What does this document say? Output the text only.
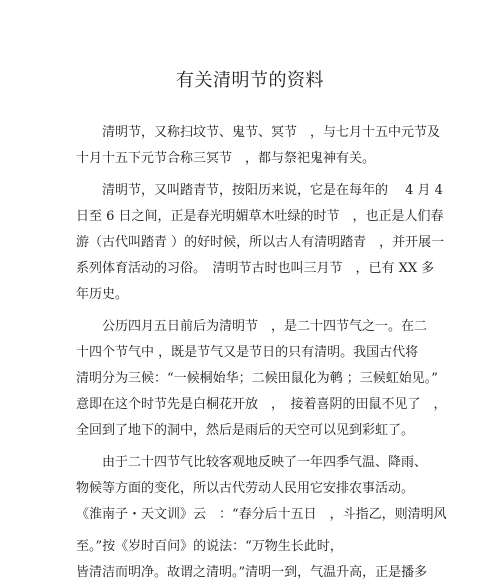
有关清明节的资料
　　清明节，又称扫坟节、鬼节、冥节　，与七月十五中元节及
十月十五下元节合称三冥节　，都与祭祀鬼神有关。
　　清明节，又叫踏青节，按阳历来说，它是在每年的　 4 月 4
日至 6 日之间，正是春光明媚草木吐绿的时节　，也正是人们春
游（古代叫踏青 ）的好时候，所以古人有清明踏青　，并开展一
系列体育活动的习俗。　清明节古时也叫三月节　，已有 XX 多
年历史。
　　公历四月五日前后为清明节　，是二十四节气之一。在二
十四个节气中 ，既是节气又是节日的只有清明。我国古代将
清明分为三候：“一候桐始华；二候田鼠化为鹌 ；三候虹始见。”
意即在这个时节先是白桐花开放　，　接着喜阴的田鼠不见了　，
全回到了地下的洞中，然后是雨后的天空可以见到彩虹了。
　　由于二十四节气比较客观地反映了一年四季气温、降雨、
物候等方面的变化，所以古代劳动人民用它安排农事活动。
《淮南子・天文训》云　：“春分后十五日　，斗指乙，则清明风
至。”按《岁时百问》的说法：“万物生长此时，
皆清洁而明净。故谓之清明。”清明一到，气温升高，正是播多
